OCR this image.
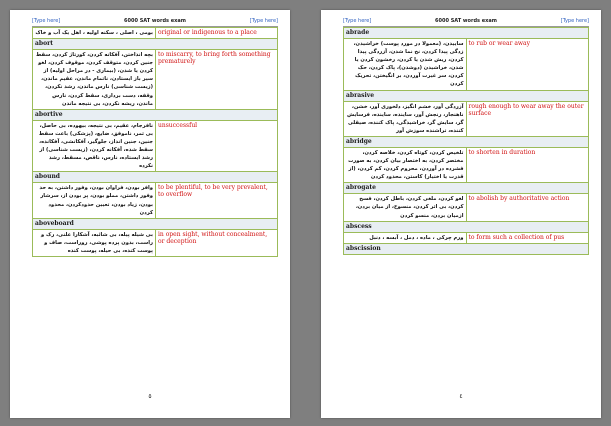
[Type here]	6000 SAT words exam	[Type here]
بومی ، اصلی ، سکنه اولیه ، اهل یک آب و خاک	original or indigenous to a place
abort	
بچه انداختن، آفکانه کردن، کورتاژ کردن، سقط جنین کردن، متوقف کردن، موقوف کردن، لغو کردن یا شدن، (بیماری - در مراحل اولیه) از سیر باز ایستادن، ناتمام ماندن، عقیم ماندن، (زیست شناسی) نارس ماندن، رشد نکردن، وقفه، دست برداری، سقط کردن، نارس ماندن، ریشه نکردن، بی نتیجه ماندن	to miscarry, to bring forth something prematurely
abortive	
نافرجام، عقیم، بی نتیجه، بیهوده، بی حاصل، بی ثمر، ناموفق، ضایع، (پزشکی) باعث سقط جنین، جنین انداز، جلوگیر، آفکانشی، آفکانده، سقط شده، آفکانه کردن، (زیست شناسی) از رشد ایستاده، نارس، ناقص، مسقط، رشد نکرده	unsuccessful
abound	
وافر بودن، فراوان بودن، وفور داشتن، به حد وفور داشتن، مملو بودن، پر بودن از، سرشار بودن، زیاد بودن، تعیین حدودکردن، محدود کردن	to be plentiful, to be very prevalent, to overflow
aboveboard	
بی شیله پیله، بی شائبه، آشکارا علنی، رک و راست، بدون پرده پوشی، روراست، صاف و پوست کنده، بی حیله، پوست کنده	in open sight, without concealment, or deception
٥
[Type here]	6000 SAT words exam	[Type here]
abrade	
ساییدن، (معمولا در مورد پوست) خراشیدن، زدگی پیدا کردن، نخ نما شدن، آزردگی پیدا کردن، ریش شدن یا کردن، رخشون کردن یا شدن، خراشیدن (دوشدن)، پاک کردن، حک کردن، سر غیرت آوردن، بر انگیختن، تحریک کردن	to rub or wear away
abrasive	
آزردگی آور، خشم انگیز، دلخوری آور، خشن، ناهنجار، رنجش آور، ساینده، ساینده، فرسایش گر، سایش گر، خراشیدگی، پاک کننده، صیقلی کننده، تراشنده سوزش آور	rough enough to wear away the outer surface
abridge	
تلخیص کردن، کوتاه کردن، خلاصه کردن، مختصر کردن، به اختصار بیان کردن، به صورت فشرده در آوردن، محروم کردن، کم کردن، (از قدرت یا اختیار) کاستن، محدود کردن	to shorten in duration
abrogate	
لغو کردن، ملغی کردن، باطل کردن، فسخ کردن، بی اثر کردن، منسوخ، از میان بردن، ازمیان بردن، منسو کردن	to abolish by authoritative action
abscess	
ورم چرکی ، ماده ، دمل ، آبسه ، دنبل	to form such a collection of pus
abscission	
٤
